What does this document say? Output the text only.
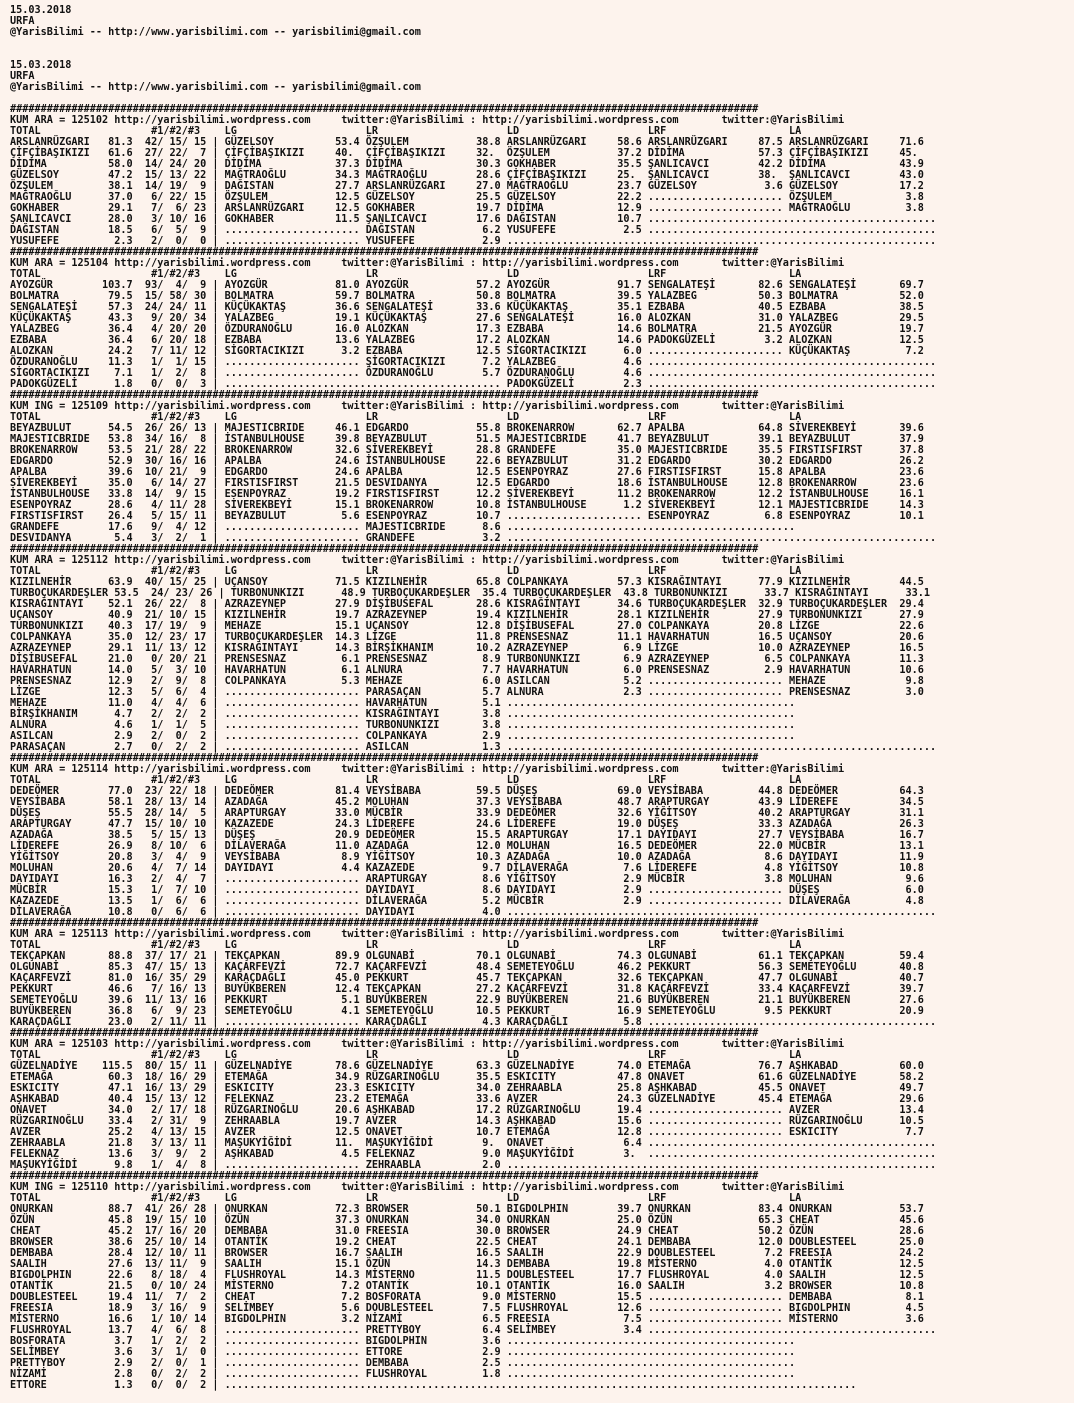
15.03.2018
URFA
@YarisBilimi -- http://www.yarisbilimi.com -- yarisbilimi@gmail.com

15.03.2018
URFA
@YarisBilimi -- http://www.yarisbilimi.com -- yarisbilimi@gmail.com

##########################################################################################################################
KUM ARA = 125102 http://yarisbilimi.wordpress.com     twitter:@YarisBilimi : http://yarisbilimi.wordpress.com       twitter:@YarisBilimi
TOTAL                  #1/#2/#3    LG                     LR                     LD                     LRF                    LA
ARSLANRÜZGARI   81.3  42/ 15/ 15 | GÜZELSOY          53.4 ÖZŞULEM           38.8 ARSLANRÜZGARI     58.6 ARSLANRÜZGARI     87.5 ARSLANRÜZGARI     71.6
ÇİFÇİBAŞIKIZI   61.6  27/ 22/  7 | ÇİFÇİBAŞIKIZI     40.  ÇİFÇİBAŞIKIZI     32.  ÖZŞULEM           37.2 DİDİMA            57.3 ÇİFÇİBAŞIKIZI     45.
DİDİMA          58.0  14/ 24/ 20 | DİDİMA            37.3 DİDİMA            30.3 GOKHABER          35.5 ŞANLICAVCI        42.2 DİDİMA            43.9
GÜZELSOY        47.2  15/ 13/ 22 | MAĞTRAOĞLU        34.3 MAĞTRAOĞLU        28.6 ÇİFÇİBAŞIKIZI     25.  ŞANLICAVCI        38.  ŞANLICAVCI        43.0
ÖZŞULEM         38.1  14/ 19/  9 | DAĞISTAN          27.7 ARSLANRÜZGARI     27.0 MAĞTRAOĞLU        23.7 GÜZELSOY           3.6 GÜZELSOY          17.2
MAĞTRAOĞLU      37.0   6/ 22/ 15 | ÖZŞULEM           12.5 GÜZELSOY          25.5 GÜZELSOY          22.2 ...................... ÖZŞULEM            3.8
GOKHABER        29.1   7/  6/ 23 | ARSLANRÜZGARI     12.5 GOKHABER          19.7 DİDİMA            12.9 ...................... MAĞTRAOĞLU         3.8
ŞANLICAVCI      28.0   3/ 10/ 16 | GOKHABER          11.5 ŞANLICAVCI        17.6 DAĞISTAN          10.7 ...............................................
DAĞISTAN        18.5   6/  5/  9 | ...................... DAĞISTAN           6.2 YUSUFEFE           2.5 ...............................................
YUSUFEFE         2.3   2/  0/  0 | ...................... YUSUFEFE           2.9 ......................................................................
##########################################################################################################################
KUM ARA = 125104 http://yarisbilimi.wordpress.com     twitter:@YarisBilimi : http://yarisbilimi.wordpress.com       twitter:@YarisBilimi
TOTAL                  #1/#2/#3    LG                     LR                     LD                     LRF                    LA
AYOZGÜR        103.7  93/  4/  9 | AYOZGÜR           81.0 AYOZGÜR           57.2 AYOZGÜR           91.7 SENGALATEŞİ       82.6 SENGALATEŞİ       69.7
BOLMATRA        79.5  15/ 58/ 30 | BOLMATRA          59.7 BOLMATRA          50.8 BOLMATRA          39.5 YALAZBEG          50.3 BOLMATRA          52.0
SENGALATEŞİ     57.3  24/ 24/ 11 | KÜÇÜKAKTAŞ        36.6 SENGALATEŞİ       33.6 KÜÇÜKAKTAŞ        35.1 EZBABA            40.5 EZBABA            38.5
KÜÇÜKAKTAŞ      43.3   9/ 20/ 34 | YALAZBEG          19.1 KÜÇÜKAKTAŞ        27.6 SENGALATEŞİ       16.0 ALOZKAN           31.0 YALAZBEG          29.5
YALAZBEG        36.4   4/ 20/ 20 | ÖZDURANOĞLU       16.0 ALOZKAN           17.3 EZBABA            14.6 BOLMATRA          21.5 AYOZGÜR           19.7
EZBABA          36.4   6/ 20/ 18 | EZBABA            13.6 YALAZBEG          17.2 ALOZKAN           14.6 PADOKGÜZELİ        3.2 ALOZKAN           12.5
ALOZKAN         24.2   7/ 11/ 12 | SİGORTACIKIZI      3.2 EZBABA            12.5 SİGORTACIKIZI      6.0 ...................... KÜÇÜKAKTAŞ         7.2
ÖZDURANOĞLU     11.3   1/  1/ 15 | ...................... ŞİGORTACIKIZI      7.2 YALAZBEG           4.6 ...............................................
SİGORTACIKIZI    7.1   1/  2/  8 | ...................... ÖZDURANOĞLU        5.7 ÖZDURANOĞLU        4.6 ...............................................
PADOKGÜZELİ      1.8   0/  0/  3 | ............................................. PADOKGÜZELİ        2.3 ...............................................
##########################################################################################################################
KUM ING = 125109 http://yarisbilimi.wordpress.com     twitter:@YarisBilimi : http://yarisbilimi.wordpress.com       twitter:@YarisBilimi
TOTAL                  #1/#2/#3    LG                     LR                     LD                     LRF                    LA
BEYAZBULUT      54.5  26/ 26/ 13 | MAJESTICBRIDE     46.1 EDGARDO           55.8 BROKENARROW       62.7 APALBA            64.8 SİVEREKBEYİ       39.6
MAJESTICBRIDE   53.8  34/ 16/  8 | İSTANBULHOUSE     39.8 BEYAZBULUT        51.5 MAJESTICBRIDE     41.7 BEYAZBULUT        39.1 BEYAZBULUT        37.9
BROKENARROW     53.5  21/ 28/ 22 | BROKENARROW       32.6 SİVEREKBEYİ       28.8 GRANDEFE          35.0 MAJESTICBRIDE     35.5 FIRSTISFIRST      37.8
EDGARDO         52.9  30/ 16/ 16 | APALBA            24.6 İSTANBULHOUSE     22.6 BEYAZBULUT        31.2 EDGARDO           30.2 EDGARDO           26.2
APALBA          39.6  10/ 21/  9 | EDGARDO           24.6 APALBA            12.5 ESENPOYRAZ        27.6 FIRSTISFIRST      15.8 APALBA            23.6
SİVEREKBEYİ     35.0   6/ 14/ 27 | FIRSTISFIRST      21.5 DESVIDANYA        12.5 EDGARDO           18.6 İSTANBULHOUSE     12.8 BROKENARROW       23.6
İSTANBULHOUSE   33.8  14/  9/ 15 | ESENPOYRAZ        19.2 FIRSTISFIRST      12.2 SİVEREKBEYİ       11.2 BROKENARROW       12.2 İSTANBULHOUSE     16.1
ESENPOYRAZ      28.6   4/ 11/ 28 | SİVEREKBEYİ       15.1 BROKENARROW       10.8 İSTANBULHOUSE      1.2 SİVEREKBEYİ       12.1 MAJESTICBRIDE     14.3
FIRSTISFIRST    26.4   5/ 15/ 11 | BEYAZBULUT         5.6 ESENPOYRAZ        10.7 ...................... ESENPOYRAZ         6.8 ESENPOYRAZ        10.1
GRANDEFE        17.6   9/  4/ 12 | ...................... MAJESTICBRIDE      8.6 ...............................................
DESVIDANYA       5.4   3/  2/  1 | ...................... GRANDEFE           3.2 ......................................................................
##########################################################################################################################
KUM ARA = 125112 http://yarisbilimi.wordpress.com     twitter:@YarisBilimi : http://yarisbilimi.wordpress.com       twitter:@YarisBilimi
TOTAL                  #1/#2/#3    LG                     LR                     LD                     LRF                    LA
KIZILNEHİR      63.9  40/ 15/ 25 | UÇANSOY           71.5 KIZILNEHİR        65.8 COLPANKAYA        57.3 KISRAĞINTAYI      77.9 KIZILNEHİR        44.5
TURBOÇUKARDEŞLER 53.5  24/ 23/ 26 | TURBONUNKIZI      48.9 TURBOÇUKARDEŞLER  35.4 TURBOÇUKARDEŞLER  43.8 TURBONUNKIZI      33.7 KISRAĞINTAYI      33.1
KISRAĞINTAYI    52.1  26/ 22/  8 | AZRAZEYNEP        27.9 DİŞİBUSEFAL       28.6 KISRAĞINTAYI      34.6 TURBOÇUKARDEŞLER  32.9 TURBOÇUKARDEŞLER  29.4
UÇANSOY         40.9  21/ 10/ 15 | KIZILNEHİR        19.7 AZRAZEYNEP        19.4 KIZILNEHİR        28.1 KIZILNEHİR        27.9 TURBONUNKIZI      27.9
TURBONUNKIZI    40.3  17/ 19/  9 | MEHAZE            15.1 UÇANSOY           12.8 DİŞİBUSEFAL       27.0 COLPANKAYA        20.8 LİZGE             22.6
COLPANKAYA      35.0  12/ 23/ 17 | TURBOÇUKARDEŞLER  14.3 LİZGE             11.8 PRENSESNAZ        11.1 HAVARHATUN        16.5 UÇANSOY           20.6
AZRAZEYNEP      29.1  11/ 13/ 12 | KISRAĞINTAYI      14.3 BİRŞİKHANIM       10.2 AZRAZEYNEP         6.9 LİZGE             10.0 AZRAZEYNEP        16.5
DİŞİBUSEFAL     21.0   0/ 20/ 21 | PRENSESNAZ         6.1 PRENSESNAZ         8.9 TURBONUNKIZI       6.9 AZRAZEYNEP         6.5 COLPANKAYA        11.3
HAVARHATUN      14.0   5/  3/ 10 | HAVARHATUN         6.1 ALNURA             7.7 HAVARHATUN         6.0 PRENSESNAZ         2.9 HAVARHATUN        10.6
PRENSESNAZ      12.9   2/  9/  8 | COLPANKAYA         5.3 MEHAZE             6.0 ASILCAN            5.2 ...................... MEHAZE             9.8
LİZGE           12.3   5/  6/  4 | ...................... PARASAÇAN          5.7 ALNURA             2.3 ...................... PRENSESNAZ         3.0
MEHAZE          11.0   4/  4/  6 | ...................... HAVARHATUN         5.1 ...............................................
BİRŞİKHANIM      4.7   2/  2/  2 | ...................... KISRAĞINTAYI       3.8 ...............................................
ALNURA           4.6   1/  1/  5 | ...................... TURBONUNKIZI       3.8 ...............................................
ASILCAN          2.9   2/  0/  2 | ...................... COLPANKAYA         2.9 ...............................................
PARASAÇAN        2.7   0/  2/  2 | ...................... ASILCAN            1.3 ......................................................................
##########################################################################################################################
KUM ARA = 125114 http://yarisbilimi.wordpress.com     twitter:@YarisBilimi : http://yarisbilimi.wordpress.com       twitter:@YarisBilimi
TOTAL                  #1/#2/#3    LG                     LR                     LD                     LRF                    LA
DEDEÖMER        77.0  23/ 22/ 18 | DEDEÖMER          81.4 VEYSİBABA         59.5 DÜŞEŞ             69.0 VEYSİBABA         44.8 DEDEÖMER          64.3
VEYSİBABA       58.1  28/ 13/ 14 | AZADAĞA           45.2 MOLUHAN           37.3 VEYSİBABA         48.7 ARAPTURGAY        43.9 LİDEREFE          34.5
DÜŞEŞ           55.5  28/ 14/  5 | ARAPTURGAY        33.0 MÜCBİR            33.9 DEDEÖMER          32.6 YİĞİTSOY          40.2 ARAPTURGAY        31.1
ARAPTURGAY      47.7  15/ 10/ 10 | KAZAZEDE          24.3 LİDEREFE          24.6 LİDEREFE          19.0 DÜŞEŞ             33.3 AZADAĞA           26.3
AZADAĞA         38.5   5/ 15/ 13 | DÜŞEŞ             20.9 DEDEÖMER          15.5 ARAPTURGAY        17.1 DAYIDAYI          27.7 VEYSİBABA         16.7
LİDEREFE        26.9   8/ 10/  6 | DİLAVERAĞA        11.0 AZADAĞA           12.0 MOLUHAN           16.5 DEDEÖMER          22.0 MÜCBİR            13.1
YİĞİTSOY        20.8   3/  4/  9 | VEYSİBABA          8.9 YİĞİTSOY          10.3 AZADAĞA           10.0 AZADAĞA            8.6 DAYIDAYI          11.9
MOLUHAN         20.6   4/  7/ 14 | DAYIDAYI           4.4 KAZAZEDE           9.7 DİLAVERAĞA         7.6 LİDEREFE           4.8 YİĞİTSOY          10.8
DAYIDAYI        16.3   2/  4/  7 | ...................... ARAPTURGAY         8.6 YİĞİTSOY           2.9 MÜCBİR             3.8 MOLUHAN            9.6
MÜCBİR          15.3   1/  7/ 10 | ...................... DAYIDAYI           8.6 DAYIDAYI           2.9 ...................... DÜŞEŞ              6.0
KAZAZEDE        13.5   1/  6/  6 | ...................... DİLAVERAĞA         5.2 MÜCBİR             2.9 ...................... DİLAVERAĞA         4.8
DİLAVERAĞA      10.8   0/  6/  6 | ...................... DAYIDAYI           4.0 ......................................................................
##########################################################################################################################
KUM ARA = 125113 http://yarisbilimi.wordpress.com     twitter:@YarisBilimi : http://yarisbilimi.wordpress.com       twitter:@YarisBilimi
TOTAL                  #1/#2/#3    LG                     LR                     LD                     LRF                    LA
TEKÇAPKAN       88.8  37/ 17/ 21 | TEKÇAPKAN         89.9 OLGUNABİ          70.1 OLGUNABİ          74.3 OLGUNABİ          61.1 TEKÇAPKAN         59.4
OLGUNABİ        85.3  47/ 15/ 13 | KAÇARFEVZİ        72.7 KAÇARFEVZİ        48.4 SEMETEYOĞLU       46.2 PEKKURT           56.3 SEMETEYOĞLU       40.8
KAÇARFEVZİ      81.0  16/ 35/ 29 | KARAÇDAĞLI        45.0 PEKKURT           45.7 TEKÇAPKAN         32.6 TEKÇAPKAN         47.7 OLGUNABİ          40.7
PEKKURT         46.6   7/ 16/ 13 | BUYÜKBEREN        12.4 TEKÇAPKAN         27.2 KAÇARFEVZİ        31.8 KAÇARFEVZİ        33.4 KAÇARFEVZİ        39.7
SEMETEYOĞLU     39.6  11/ 13/ 16 | PEKKURT            5.1 BUYÜKBEREN        22.9 BUYÜKBEREN        21.6 BUYÜKBEREN        21.1 BUYÜKBEREN        27.6
BUYÜKBEREN      36.8   6/  9/ 23 | SEMETEYOĞLU        4.1 SEMETEYOĞLU       10.5 PEKKURT           16.9 SEMETEYOĞLU        9.5 PEKKURT           20.9
KARAÇDAĞLI      23.0   2/ 11/ 11 | ...................... KARAÇDAĞLI         4.3 KARAÇDAĞLI         5.8 ...............................................
##########################################################################################################################
KUM ARA = 125103 http://yarisbilimi.wordpress.com     twitter:@YarisBilimi : http://yarisbilimi.wordpress.com       twitter:@YarisBilimi
TOTAL                  #1/#2/#3    LG                     LR                     LD                     LRF                    LA
GÜZELNADİYE    115.5  80/ 15/ 11 | GÜZELNADİYE       78.6 GÜZELNADİYE       63.3 GÜZELNADİYE       74.0 ETEMAĞA           76.7 AŞHKABAD          60.0
ETEMAĞA         60.3  18/ 16/ 29 | ETEMAĞA           34.9 RÜZGARINOĞLU      35.5 ESKICITY          47.8 ONAVET            61.6 GÜZELNADİYE       58.2
ESKICITY        47.1  16/ 13/ 29 | ESKICITY          23.3 ESKICITY          34.0 ZEHRAABLA         25.8 AŞHKABAD          45.5 ONAVET            49.7
AŞHKABAD        40.4  15/ 13/ 12 | FELEKNAZ          23.2 ETEMAĞA           33.6 AVZER             24.3 GÜZELNADİYE       45.4 ETEMAĞA           29.6
ONAVET          34.0   2/ 17/ 18 | RÜZGARINOĞLU      20.6 AŞHKABAD          17.2 RÜZGARINOĞLU      19.4 ...................... AVZER             13.4
RÜZGARINOĞLU    33.4   2/ 31/  9 | ZEHRAABLA         19.7 AVZER             14.3 AŞHKABAD          15.6 ...................... RÜZGARINOĞLU      10.5
AVZER           25.2   4/ 13/ 15 | AVZER             12.5 ONAVET            10.7 ETEMAĞA           12.8 ...................... ESKICITY           7.7
ZEHRAABLA       21.8   3/ 13/ 11 | MAŞUKYİĞİDİ       11.  MAŞUKYİĞİDİ        9.  ONAVET             6.4 ...............................................
FELEKNAZ        13.6   3/  9/  2 | AŞHKABAD           4.5 FELEKNAZ           9.0 MAŞUKYİĞİDİ        3.  ...............................................
MAŞUKYİĞİDİ      9.8   1/  4/  8 | ...................... ZEHRAABLA          2.0 ......................................................................
##########################################################################################################################
KUM ING = 125110 http://yarisbilimi.wordpress.com     twitter:@YarisBilimi : http://yarisbilimi.wordpress.com       twitter:@YarisBilimi
TOTAL                  #1/#2/#3    LG                     LR                     LD                     LRF                    LA
ONURKAN         88.7  41/ 26/ 28 | ONURKAN           72.3 BROWSER           50.1 BIGDOLPHIN        39.7 ONURKAN           83.4 ONURKAN           53.7
ÖZÜN            45.8  19/ 15/ 10 | ÖZÜN              37.3 ONURKAN           34.0 ONURKAN           25.0 ÖZÜN              65.3 CHEAT             45.6
CHEAT           45.2  17/ 16/ 20 | DEMBABA           31.0 FREESIA           30.0 BROWSER           24.9 CHEAT             50.2 ÖZÜN              28.6
BROWSER         38.6  25/ 10/ 14 | OTANTİK           19.2 CHEAT             22.5 CHEAT             24.1 DEMBABA           12.0 DOUBLESTEEL       25.0
DEMBABA         28.4  12/ 10/ 11 | BROWSER           16.7 SAALIH            16.5 SAALIH            22.9 DOUBLESTEEL        7.2 FREESIA           24.2
SAALIH          27.6  13/ 11/  9 | SAALIH            15.1 ÖZÜN              14.3 DEMBABA           19.8 MİSTERNO           4.0 OTANTİK           12.5
BIGDOLPHIN      22.6   8/ 18/  4 | FLUSHROYAL        14.3 MİSTERNO          11.5 DOUBLESTEEL       17.7 FLUSHROYAL         4.0 SAALIH            12.5
OTANTİK         21.5   0/ 10/ 24 | MİSTERNO           7.2 OTANTİK           10.1 OTANTİK           16.0 SAALIH             3.2 BROWSER           10.8
DOUBLESTEEL     19.4  11/  7/  2 | CHEAT              7.2 BOSFORATA          9.0 MİSTERNO          15.5 ...................... DEMBABA            8.1
FREESIA         18.9   3/ 16/  9 | SELİMBEY           5.6 DOUBLESTEEL        7.5 FLUSHROYAL        12.6 ...................... BIGDOLPHIN         4.5
MİSTERNO        16.6   1/ 10/ 14 | BIGDOLPHIN         3.2 NİZAMİ             6.5 FREESIA            7.5 ...................... MİSTERNO           3.6
FLUSHROYAL      13.7   4/  6/  8 | ...................... PRETTYBOY          6.4 SELİMBEY           3.4 ...............................................
BOSFORATA        3.7   1/  2/  2 | ...................... BIGDOLPHIN         3.6 ...............................................
SELİMBEY         3.6   3/  1/  0 | ...................... ETTORE             2.9 ...............................................
PRETTYBOY        2.9   2/  0/  1 | ...................... DEMBABA            2.5 ...............................................
NİZAMİ           2.8   0/  2/  2 | ...................... FLUSHROYAL         1.8 ...............................................
ETTORE           1.3   0/  0/  2 | .......................................................................................................
